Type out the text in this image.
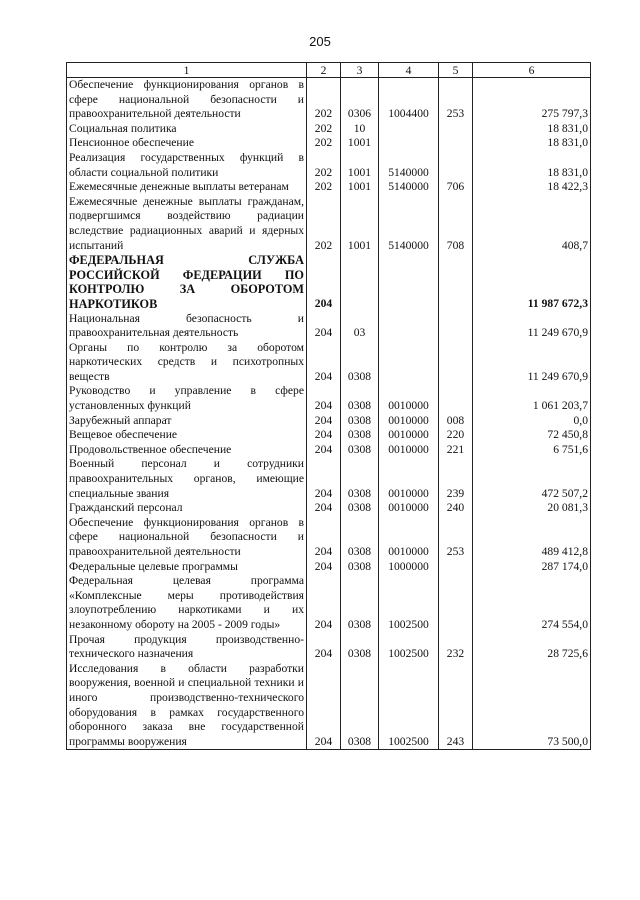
205
1	2	3	4	5	6
Обеспечение функционирования органов в сфере национальной безопасности и правоохранительной деятельности	202	0306	1004400	253	275 797,3
Социальная политика	202	10			18 831,0
Пенсионное обеспечение	202	1001			18 831,0
Реализация государственных функций в области социальной политики	202	1001	5140000		18 831,0
Ежемесячные денежные выплаты ветеранам	202	1001	5140000	706	18 422,3
Ежемесячные денежные выплаты гражданам, подвергшимся воздействию радиации вследствие радиационных аварий и ядерных испытаний	202	1001	5140000	708	408,7
ФЕДЕРАЛЬНАЯ СЛУЖБА РОССИЙСКОЙ ФЕДЕРАЦИИ ПО КОНТРОЛЮ ЗА ОБОРОТОМ НАРКОТИКОВ	204				11 987 672,3
Национальная безопасность и правоохранительная деятельность	204	03			11 249 670,9
Органы по контролю за оборотом наркотических средств и психотропных веществ	204	0308			11 249 670,9
Руководство и управление в сфере установленных функций	204	0308	0010000		1 061 203,7
Зарубежный аппарат	204	0308	0010000	008	0,0
Вещевое обеспечение	204	0308	0010000	220	72 450,8
Продовольственное обеспечение	204	0308	0010000	221	6 751,6
Военный персонал и сотрудники правоохранительных органов, имеющие специальные звания	204	0308	0010000	239	472 507,2
Гражданский персонал	204	0308	0010000	240	20 081,3
Обеспечение функционирования органов в сфере национальной безопасности и правоохранительной деятельности	204	0308	0010000	253	489 412,8
Федеральные целевые программы	204	0308	1000000		287 174,0
Федеральная целевая программа «Комплексные меры противодействия злоупотреблению наркотиками и их незаконному обороту на 2005 - 2009 годы»	204	0308	1002500		274 554,0
Прочая продукция производственно-технического назначения	204	0308	1002500	232	28 725,6
Исследования в области разработки вооружения, военной и специальной техники и иного производственно-технического оборудования в рамках государственного оборонного заказа вне государственной программы вооружения	204	0308	1002500	243	73 500,0
